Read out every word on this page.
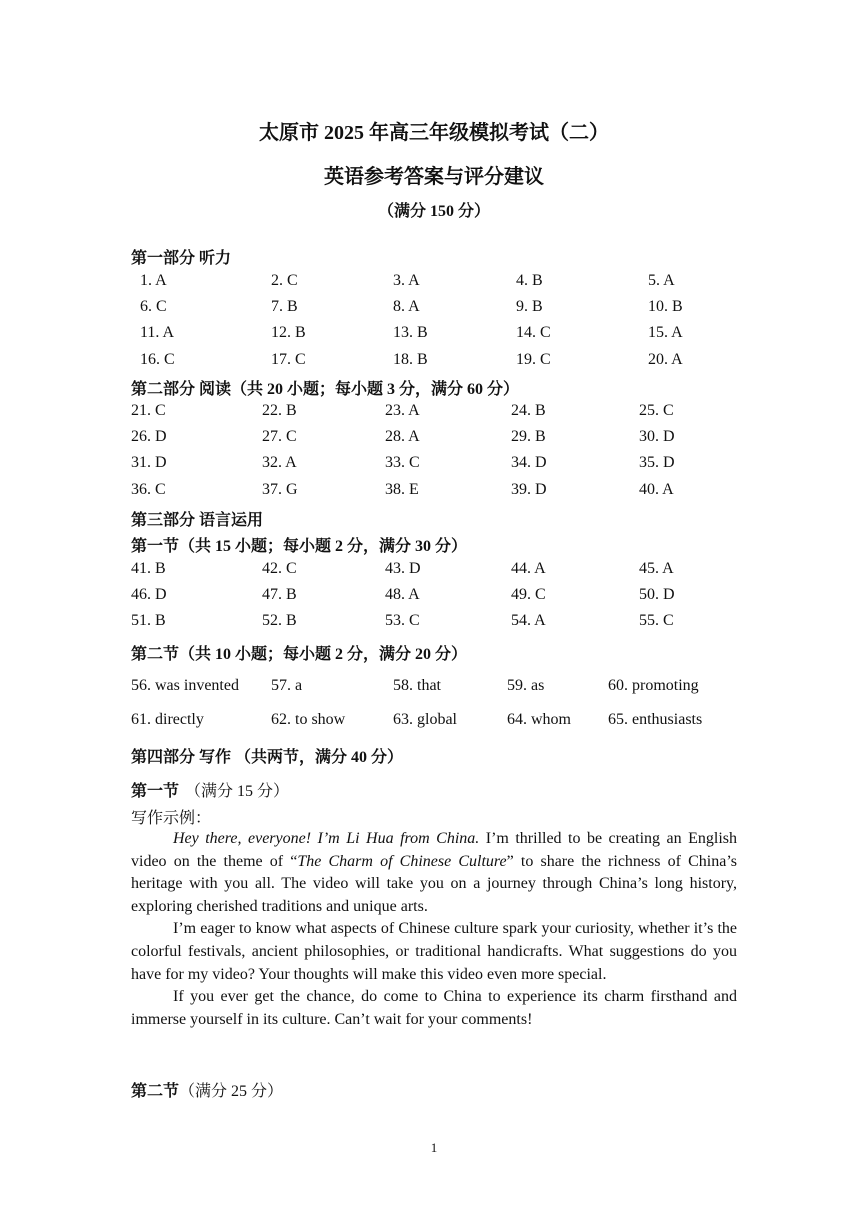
太原市 2025 年高三年级模拟考试（二）
英语参考答案与评分建议
（满分 150 分）
第一部分 听力
1. A	2. C	3. A	4. B	5. A
6. C	7. B	8. A	9. B	10. B
11. A	12. B	13. B	14. C	15. A
16. C	17. C	18. B	19. C	20. A
第二部分 阅读（共 20 小题；每小题 3 分，满分 60 分）
21. C	22. B	23. A	24. B	25. C
26. D	27. C	28. A	29. B	30. D
31. D	32. A	33. C	34. D	35. D
36. C	37. G	38. E	39. D	40. A
第三部分 语言运用
第一节（共 15 小题；每小题 2 分，满分 30 分）
41. B	42. C	43. D	44. A	45. A
46. D	47. B	48. A	49. C	50. D
51. B	52. B	53. C	54. A	55. C
第二节（共 10 小题；每小题 2 分，满分 20 分）
56. was invented 57. a	58. that	59. as	60. promoting
61. directly	62. to show	63. global	64. whom 65. enthusiasts
第四部分 写作 （共两节，满分 40 分）
第一节 （满分 15 分）
写作示例：

Hey there, everyone! I’m Li Hua from China. I’m thrilled to be creating an English video on the theme of “The Charm of Chinese Culture” to share the richness of China’s heritage with you all. The video will take you on a journey through China’s long history, exploring cherished traditions and unique arts.

I’m eager to know what aspects of Chinese culture spark your curiosity, whether it’s the colorful festivals, ancient philosophies, or traditional handicrafts. What suggestions do you have for my video? Your thoughts will make this video even more special.

If you ever get the chance, do come to China to experience its charm firsthand and immerse yourself in its culture. Can’t wait for your comments!

第二节（满分 25 分）
1
